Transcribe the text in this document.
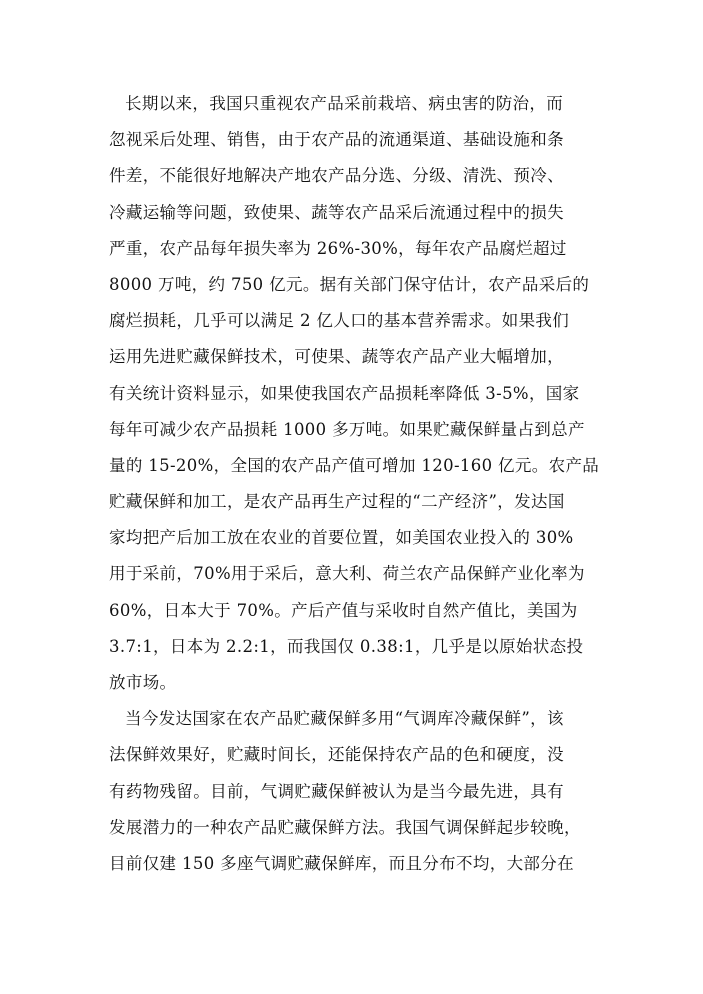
长期以来，我国只重视农产品采前栽培、病虫害的防治，而
忽视采后处理、销售，由于农产品的流通渠道、基础设施和条
件差，不能很好地解决产地农产品分选、分级、清洗、预冷、
冷藏运输等问题，致使果、蔬等农产品采后流通过程中的损失
严重，农产品每年损失率为 26%-30%，每年农产品腐烂超过
8000 万吨，约 750 亿元。据有关部门保守估计，农产品采后的
腐烂损耗，几乎可以满足 2 亿人口的基本营养需求。如果我们
运用先进贮藏保鲜技术，可使果、蔬等农产品产业大幅增加，
有关统计资料显示，如果使我国农产品损耗率降低 3-5%，国家
每年可减少农产品损耗 1000 多万吨。如果贮藏保鲜量占到总产
量的 15-20%，全国的农产品产值可增加 120-160 亿元。农产品
贮藏保鲜和加工，是农产品再生产过程的“二产经济”，发达国
家均把产后加工放在农业的首要位置，如美国农业投入的 30%
用于采前，70%用于采后，意大利、荷兰农产品保鲜产业化率为
60%，日本大于 70%。产后产值与采收时自然产值比，美国为
3.7:1，日本为 2.2:1，而我国仅 0.38:1，几乎是以原始状态投
放市场。
当今发达国家在农产品贮藏保鲜多用“气调库冷藏保鲜”，该
法保鲜效果好，贮藏时间长，还能保持农产品的色和硬度，没
有药物残留。目前，气调贮藏保鲜被认为是当今最先进，具有
发展潜力的一种农产品贮藏保鲜方法。我国气调保鲜起步较晚，
目前仅建 150 多座气调贮藏保鲜库，而且分布不均，大部分在
